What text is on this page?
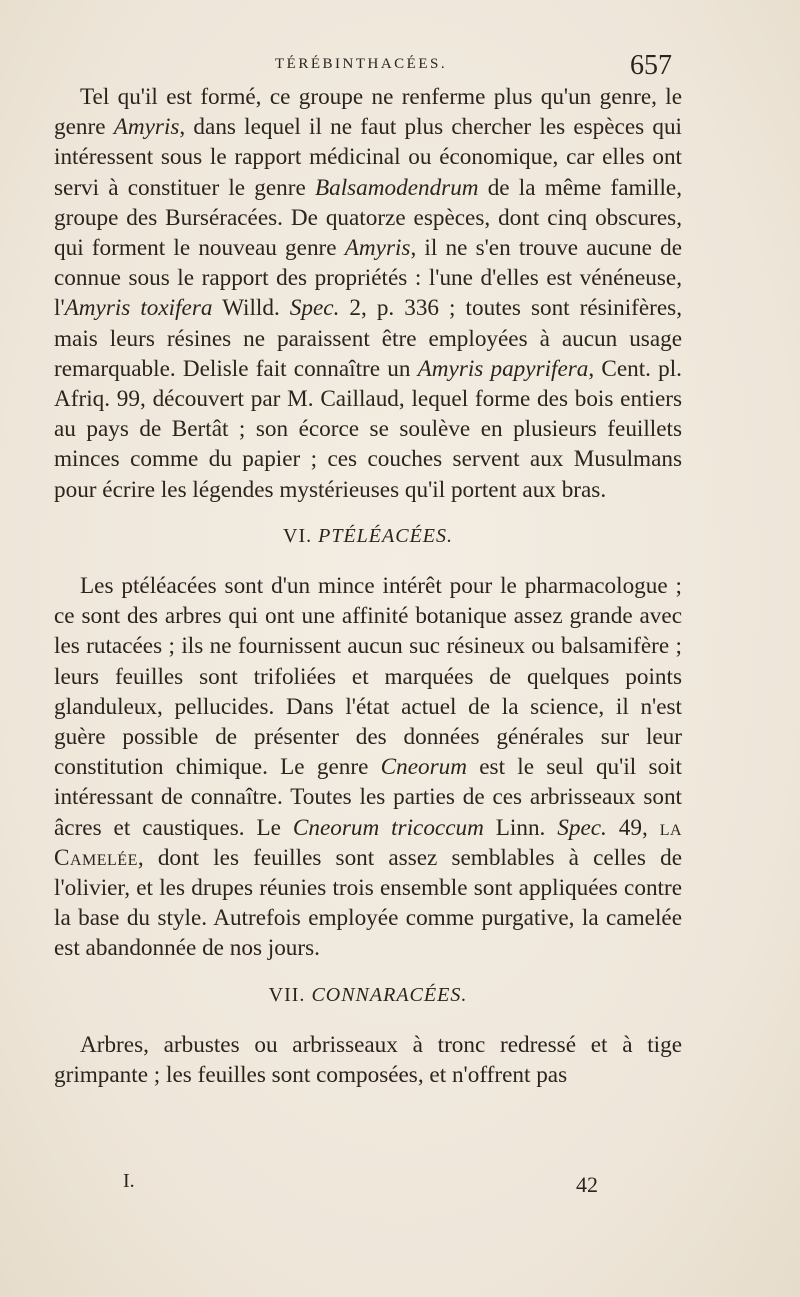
TÉRÉBINTHACÉES.	657

Tel qu'il est formé, ce groupe ne renferme plus qu'un genre, le genre Amyris, dans lequel il ne faut plus chercher les espèces qui intéressent sous le rapport médicinal ou économique, car elles ont servi à constituer le genre Balsamodendrum de la même famille, groupe des Burséracées. De quatorze espèces, dont cinq obscures, qui forment le nouveau genre Amyris, il ne s'en trouve aucune de connue sous le rapport des propriétés : l'une d'elles est vénéneuse, l'Amyris toxifera Willd. Spec. 2, p. 336 ; toutes sont résinifères, mais leurs résines ne paraissent être employées à aucun usage remarquable. Delisle fait connaître un Amyris papyrifera, Cent. pl. Afriq. 99, découvert par M. Caillaud, lequel forme des bois entiers au pays de Bertât ; son écorce se soulève en plusieurs feuillets minces comme du papier ; ces couches servent aux Musulmans pour écrire les légendes mystérieuses qu'il portent aux bras.

VI. PTÉLÉACÉES.

Les ptéléacées sont d'un mince intérêt pour le pharmacologue ; ce sont des arbres qui ont une affinité botanique assez grande avec les rutacées ; ils ne fournissent aucun suc résineux ou balsamifère ; leurs feuilles sont trifoliées et marquées de quelques points glanduleux, pellucides. Dans l'état actuel de la science, il n'est guère possible de présenter des données générales sur leur constitution chimique. Le genre Cneorum est le seul qu'il soit intéressant de connaître. Toutes les parties de ces arbrisseaux sont âcres et caustiques. Le Cneorum tricoccum Linn. Spec. 49, la Camelée, dont les feuilles sont assez semblables à celles de l'olivier, et les drupes réunies trois ensemble sont appliquées contre la base du style. Autrefois employée comme purgative, la camelée est abandonnée de nos jours.

VII. CONNARACÉES.

Arbres, arbustes ou arbrisseaux à tronc redressé et à tige grimpante ; les feuilles sont composées, et n'offrent pas

I.	42
